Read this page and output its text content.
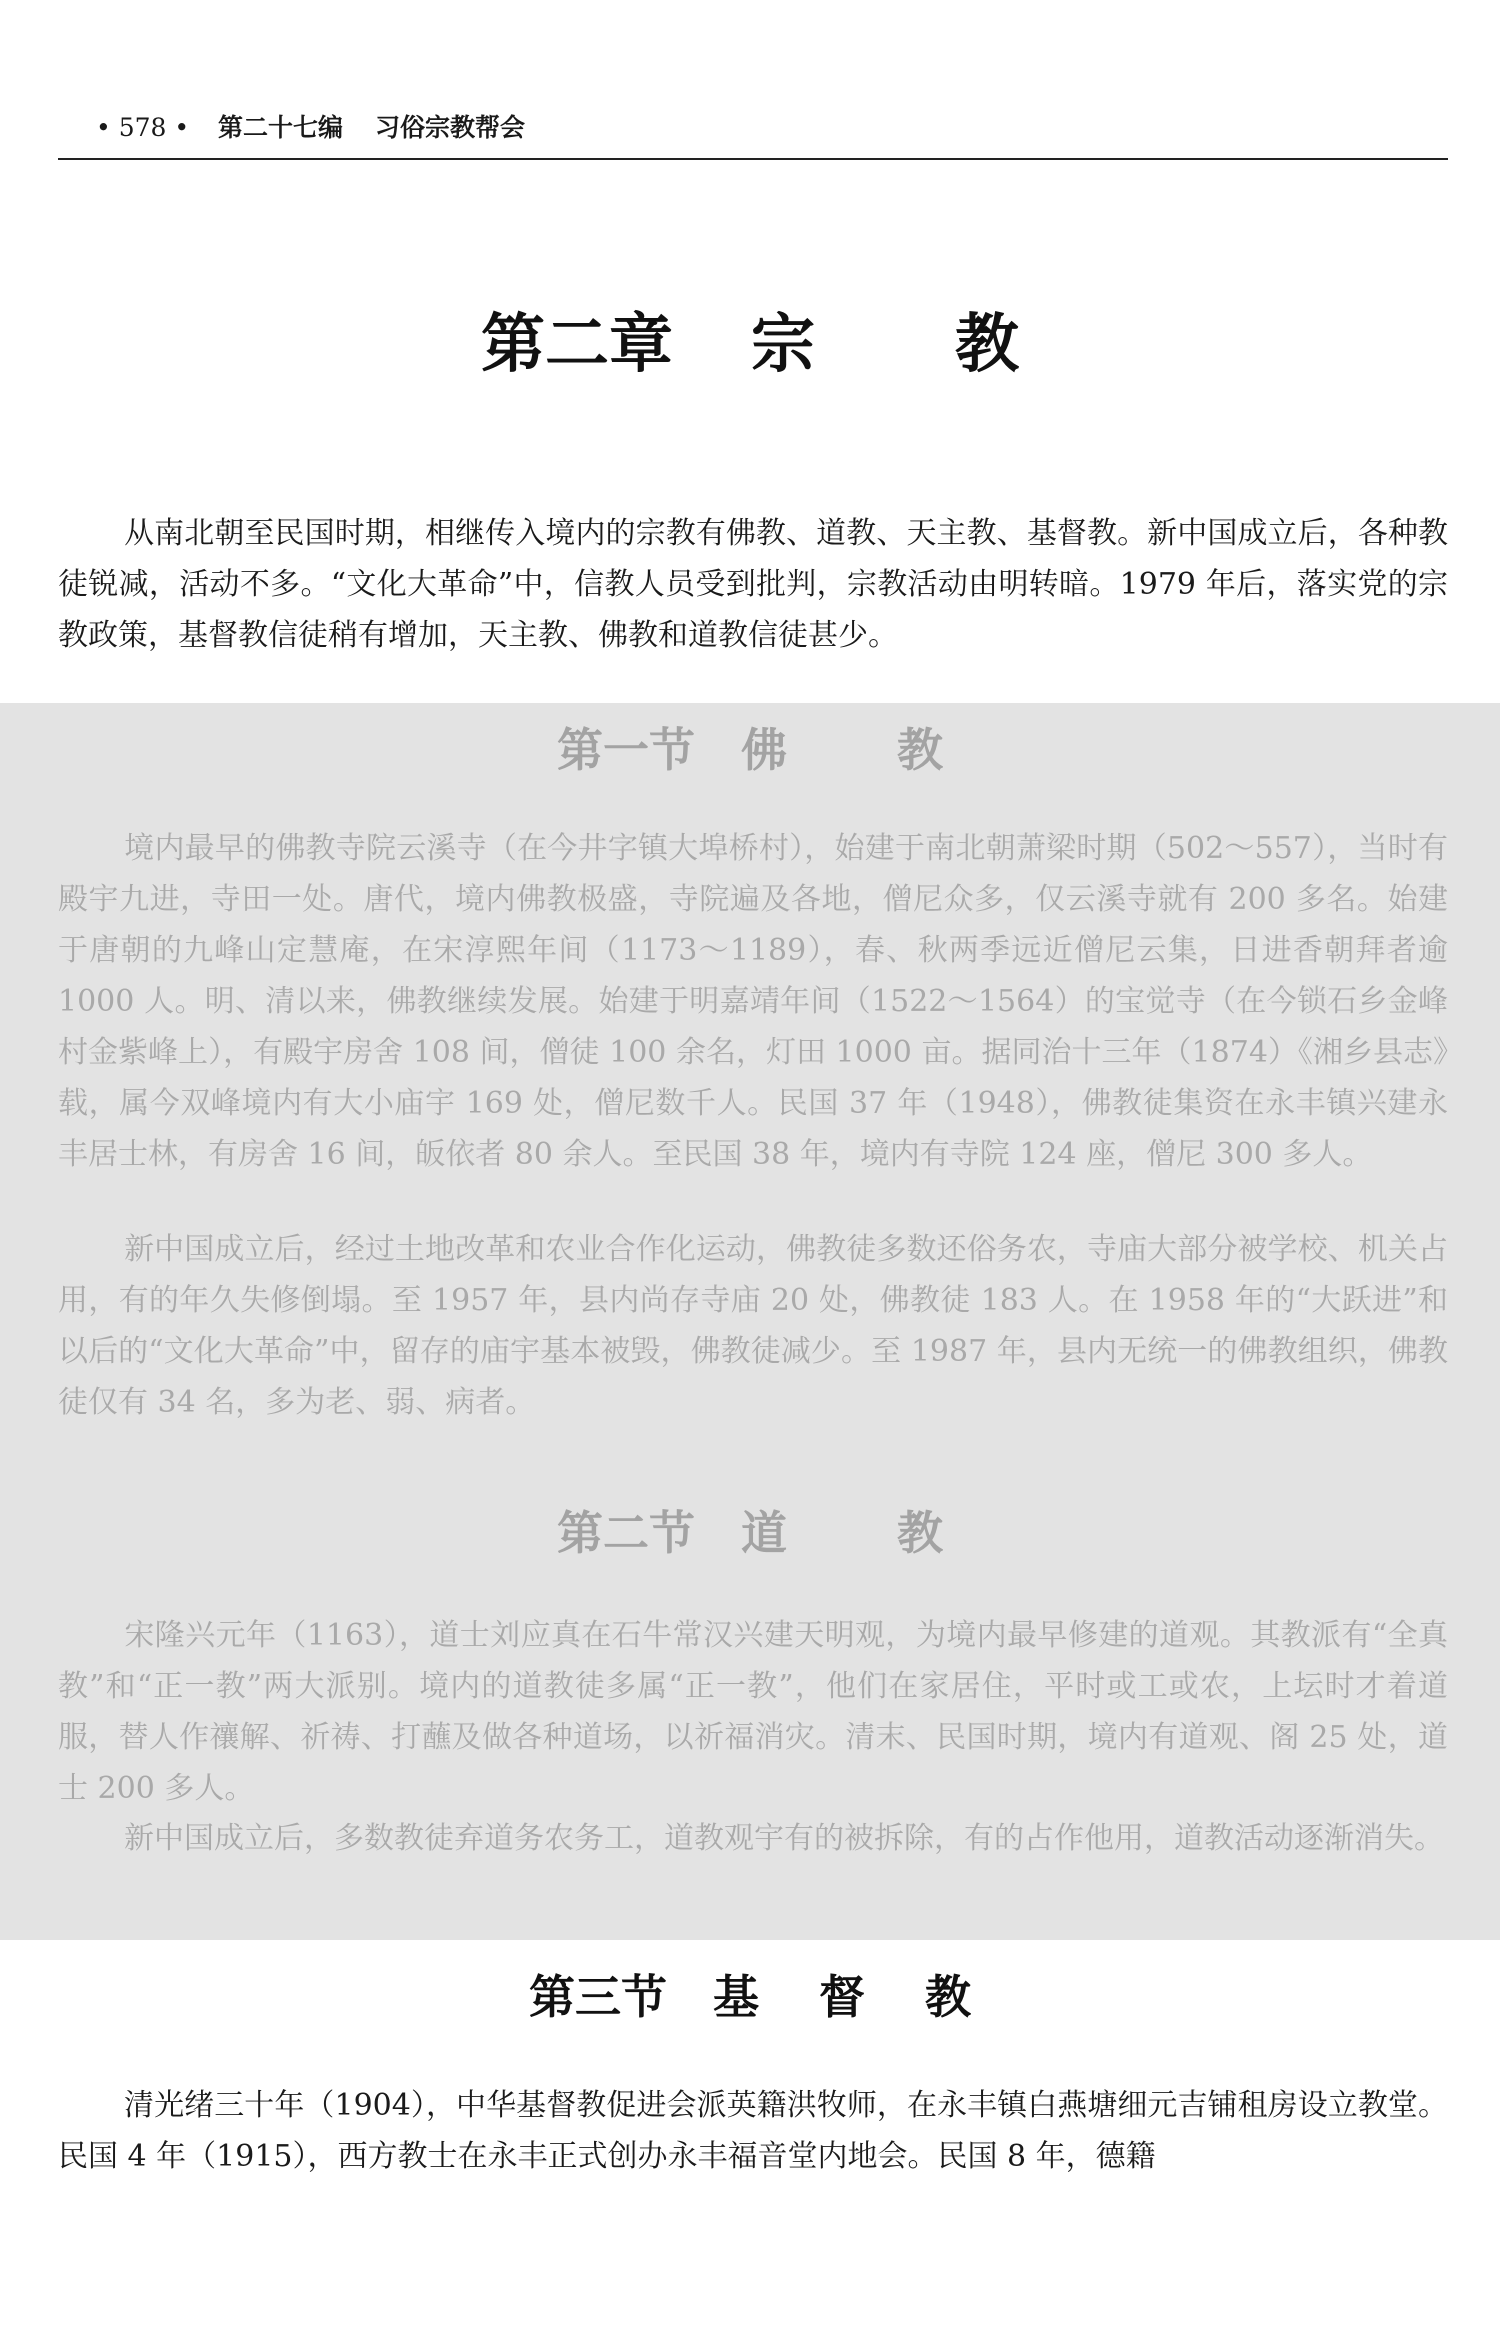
• 578 • 第二十七编 习俗宗教帮会
第二章 宗 教

从南北朝至民国时期，相继传入境内的宗教有佛教、道教、天主教、基督教。新中国成立后，各种教徒锐减，活动不多。“文化大革命”中，信教人员受到批判，宗教活动由明转暗。1979 年后，落实党的宗教政策，基督教信徒稍有增加，天主教、佛教和道教信徒甚少。

第一节 佛 教

境内最早的佛教寺院云溪寺（在今井字镇大埠桥村），始建于南北朝萧梁时期（502～557），当时有殿宇九进，寺田一处。唐代，境内佛教极盛，寺院遍及各地，僧尼众多，仅云溪寺就有 200 多名。始建于唐朝的九峰山定慧庵，在宋淳熙年间（1173～1189），春、秋两季远近僧尼云集，日进香朝拜者逾 1000 人。明、清以来，佛教继续发展。始建于明嘉靖年间（1522～1564）的宝觉寺（在今锁石乡金峰村金紫峰上），有殿宇房舍 108 间，僧徒 100 余名，灯田 1000 亩。据同治十三年（1874）《湘乡县志》载，属今双峰境内有大小庙宇 169 处，僧尼数千人。民国 37 年（1948），佛教徒集资在永丰镇兴建永丰居士林，有房舍 16 间，皈依者 80 余人。至民国 38 年，境内有寺院 124 座，僧尼 300 多人。

新中国成立后，经过土地改革和农业合作化运动，佛教徒多数还俗务农，寺庙大部分被学校、机关占用，有的年久失修倒塌。至 1957 年，县内尚存寺庙 20 处，佛教徒 183 人。在 1958 年的“大跃进”和以后的“文化大革命”中，留存的庙宇基本被毁，佛教徒减少。至 1987 年，县内无统一的佛教组织，佛教徒仅有 34 名，多为老、弱、病者。

第二节 道 教

宋隆兴元年（1163），道士刘应真在石牛常汉兴建天明观，为境内最早修建的道观。其教派有“全真教”和“正一教”两大派别。境内的道教徒多属“正一教”，他们在家居住，平时或工或农，上坛时才着道服，替人作禳解、祈祷、打蘸及做各种道场，以祈福消灾。清末、民国时期，境内有道观、阁 25 处，道士 200 多人。

新中国成立后，多数教徒弃道务农务工，道教观宇有的被拆除，有的占作他用，道教活动逐渐消失。

第三节 基 督 教

清光绪三十年（1904），中华基督教促进会派英籍洪牧师，在永丰镇白燕塘细元吉铺租房设立教堂。民国 4 年（1915），西方教士在永丰正式创办永丰福音堂内地会。民国 8 年，德籍
